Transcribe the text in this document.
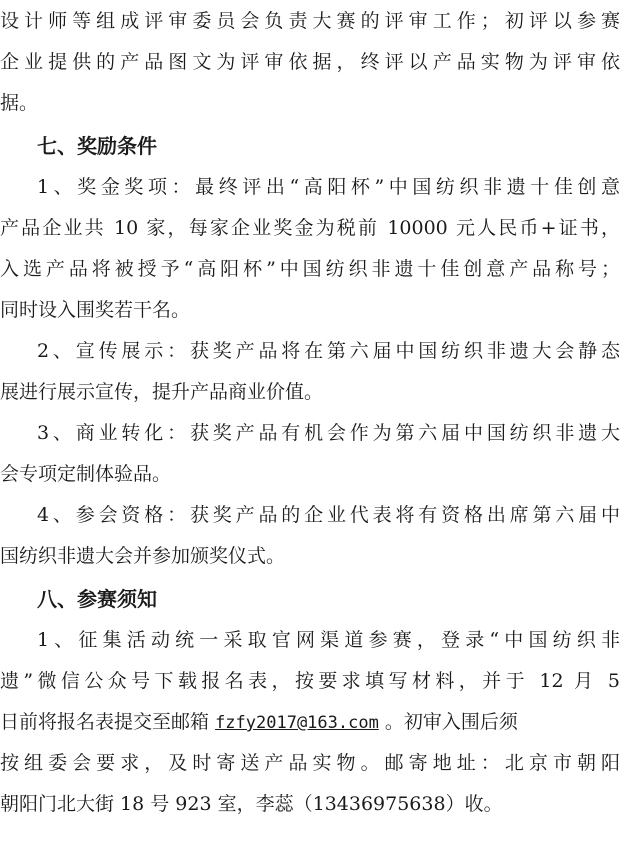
设计师等组成评审委员会负责大赛的评审工作；初评以参赛
企业提供的产品图文为评审依据，终评以产品实物为评审依
据。
七、奖励条件
1、奖金奖项：最终评出“高阳杯”中国纺织非遗十佳创意
产品企业共 10 家，每家企业奖金为税前 10000 元人民币+证书，
入选产品将被授予“高阳杯”中国纺织非遗十佳创意产品称号；
同时设入围奖若干名。
2、宣传展示：获奖产品将在第六届中国纺织非遗大会静态
展进行展示宣传，提升产品商业价值。
3、商业转化：获奖产品有机会作为第六届中国纺织非遗大
会专项定制体验品。
4、参会资格：获奖产品的企业代表将有资格出席第六届中
国纺织非遗大会并参加颁奖仪式。
八、参赛须知
1、征集活动统一采取官网渠道参赛，登录“中国纺织非
遗”微信公众号下载报名表，按要求填写材料，并于 12 月 5
日前将报名表提交至邮箱 fzfy2017@163.com 。初审入围后须
按组委会要求，及时寄送产品实物。邮寄地址：北京市朝阳
朝阳门北大街 18 号 923 室，李蕊（13436975638）收。
